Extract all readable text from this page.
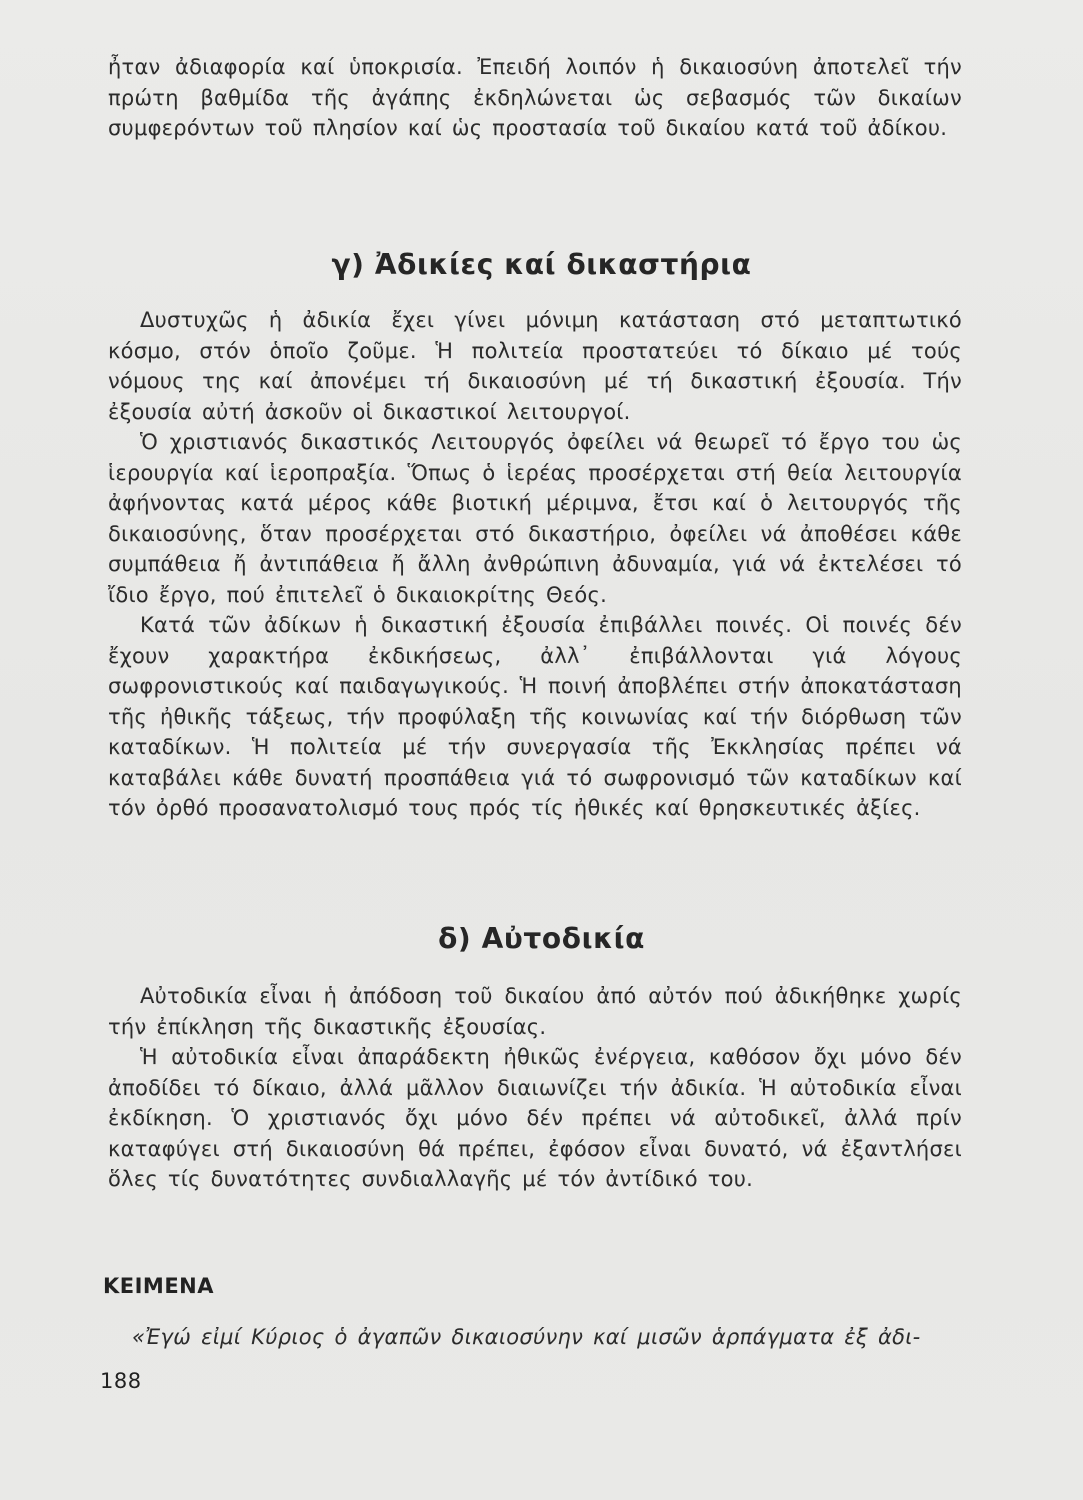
ἦταν ἀδιαφορία καί ὑποκρισία. Ἐπειδή λοιπόν ἡ δικαιοσύνη ἀποτελεῖ τήν πρώτη βαθμίδα τῆς ἀγάπης ἐκδηλώνεται ὡς σεβασμός τῶν δικαίων συμφερόντων τοῦ πλησίον καί ὡς προστασία τοῦ δικαίου κατά τοῦ ἀδίκου.

γ) Ἀδικίες καί δικαστήρια

Δυστυχῶς ἡ ἀδικία ἔχει γίνει μόνιμη κατάσταση στό μεταπτωτικό κόσμο, στόν ὁποῖο ζοῦμε. Ἡ πολιτεία προστατεύει τό δίκαιο μέ τούς νόμους της καί ἀπονέμει τή δικαιοσύνη μέ τή δικαστική ἐξουσία. Τήν ἐξουσία αὐτή ἀσκοῦν οἱ δικαστικοί λειτουργοί.

Ὁ χριστιανός δικαστικός Λειτουργός ὀφείλει νά θεωρεῖ τό ἔργο του ὡς ἱερουργία καί ἱεροπραξία. Ὅπως ὁ ἱερέας προσέρχεται στή θεία λειτουργία ἀφήνοντας κατά μέρος κάθε βιοτική μέριμνα, ἔτσι καί ὁ λειτουργός τῆς δικαιοσύνης, ὅταν προσέρχεται στό δικαστήριο, ὀφείλει νά ἀποθέσει κάθε συμπάθεια ἤ ἀντιπάθεια ἤ ἄλλη ἀνθρώπινη ἀδυναμία, γιά νά ἐκτελέσει τό ἴδιο ἔργο, πού ἐπιτελεῖ ὁ δικαιοκρίτης Θεός.

Κατά τῶν ἀδίκων ἡ δικαστική ἐξουσία ἐπιβάλλει ποινές. Οἱ ποινές δέν ἔχουν χαρακτήρα ἐκδικήσεως, ἀλλ᾽ ἐπιβάλλονται γιά λόγους σωφρονιστικούς καί παιδαγωγικούς. Ἡ ποινή ἀποβλέπει στήν ἀποκατάσταση τῆς ἠθικῆς τάξεως, τήν προφύλαξη τῆς κοινωνίας καί τήν διόρθωση τῶν καταδίκων. Ἡ πολιτεία μέ τήν συνεργασία τῆς Ἐκκλησίας πρέπει νά καταβάλει κάθε δυνατή προσπάθεια γιά τό σωφρονισμό τῶν καταδίκων καί τόν ὀρθό προσανατολισμό τους πρός τίς ἠθικές καί θρησκευτικές ἀξίες.

δ) Αὐτοδικία

Αὐτοδικία εἶναι ἡ ἀπόδοση τοῦ δικαίου ἀπό αὐτόν πού ἀδικήθηκε χωρίς τήν ἐπίκληση τῆς δικαστικῆς ἐξουσίας.

Ἡ αὐτοδικία εἶναι ἀπαράδεκτη ἠθικῶς ἐνέργεια, καθόσον ὄχι μόνο δέν ἀποδίδει τό δίκαιο, ἀλλά μᾶλλον διαιωνίζει τήν ἀδικία. Ἡ αὐτοδικία εἶναι ἐκδίκηση. Ὁ χριστιανός ὄχι μόνο δέν πρέπει νά αὐτοδικεῖ, ἀλλά πρίν καταφύγει στή δικαιοσύνη θά πρέπει, ἐφόσον εἶναι δυνατό, νά ἐξαντλήσει ὅλες τίς δυνατότητες συνδιαλλαγῆς μέ τόν ἀντίδικό του.

ΚΕΙΜΕΝΑ

«Ἐγώ εἰμί Κύριος ὁ ἀγαπῶν δικαιοσύνην καί μισῶν ἁρπάγματα ἐξ ἀδι-

188
